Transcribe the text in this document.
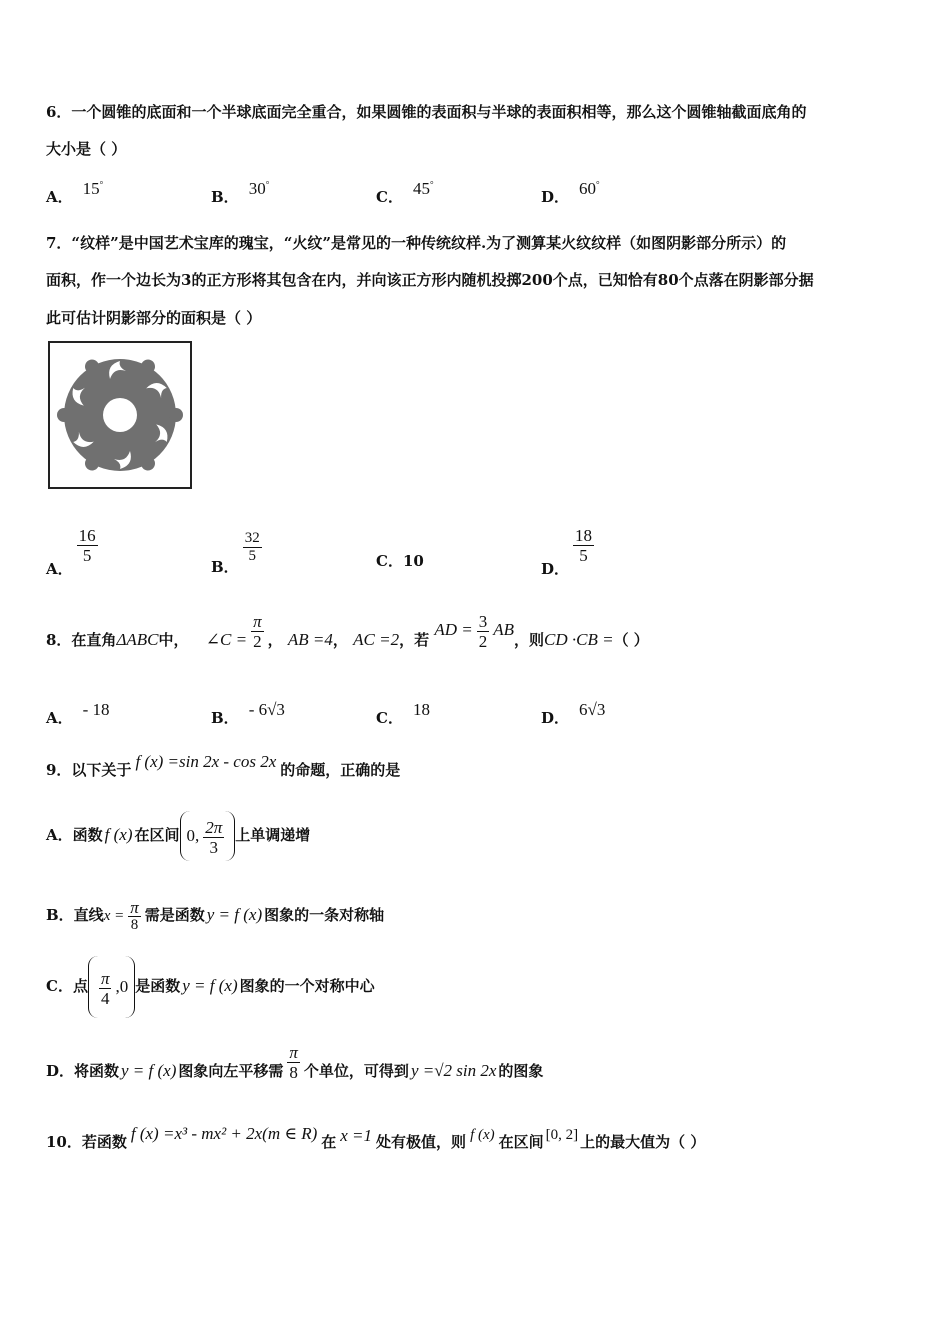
6．一个圆锥的底面和一个半球底面完全重合，如果圆锥的表面积与半球的表面积相等，那么这个圆锥轴截面底角的
大小是（ ）
A． 15°
B． 30°
C． 45°
D． 60°
7．“纹样”是中国艺术宝库的瑰宝，“火纹”是常见的一种传统纹样.为了测算某火纹纹样（如图阴影部分所示）的
面积，作一个边长为3的正方形将其包含在内，并向该正方形内随机投掷200个点，已知恰有80个点落在阴影部分据
此可估计阴影部分的面积是（ ）
A．
$\frac{16}{5}$
B．
$\frac{32}{5}$	C．10	D．
$\frac{18}{5}$
8．在直角ΔABC中， ∠C = $\frac{\pi}{2}$ ， AB =4， AC =2，若 AD = $\frac{3}{2}$ AB，则CD ·CB =（ ）
A． - 18	B． - 6√3	C． 18	D． 6√3
9．以下关于 f (x) =sin 2x - cos 2x 的命题，正确的是
A．函数 f (x) 在区间 0, $\frac{2\pi}{3}$ 上单调递增
B．直线$x = \frac{\pi}{8}$ 需是函数 y = f (x) 图象的一条对称轴
C．点 $\frac{\pi}{4} ,0$ 是函数 y = f (x) 图象的一个对称中心
D．将函数 y = f (x) 图象向左平移需 $\frac{\pi}{8}$ 个单位，可得到 y =√2 sin 2x 的图象
10．若函数 f (x) =x³ - mx² + 2x(m ∈ R) 在 x =1 处有极值，则 f (x) 在区间 [0, 2] 上的最大值为（ ）
